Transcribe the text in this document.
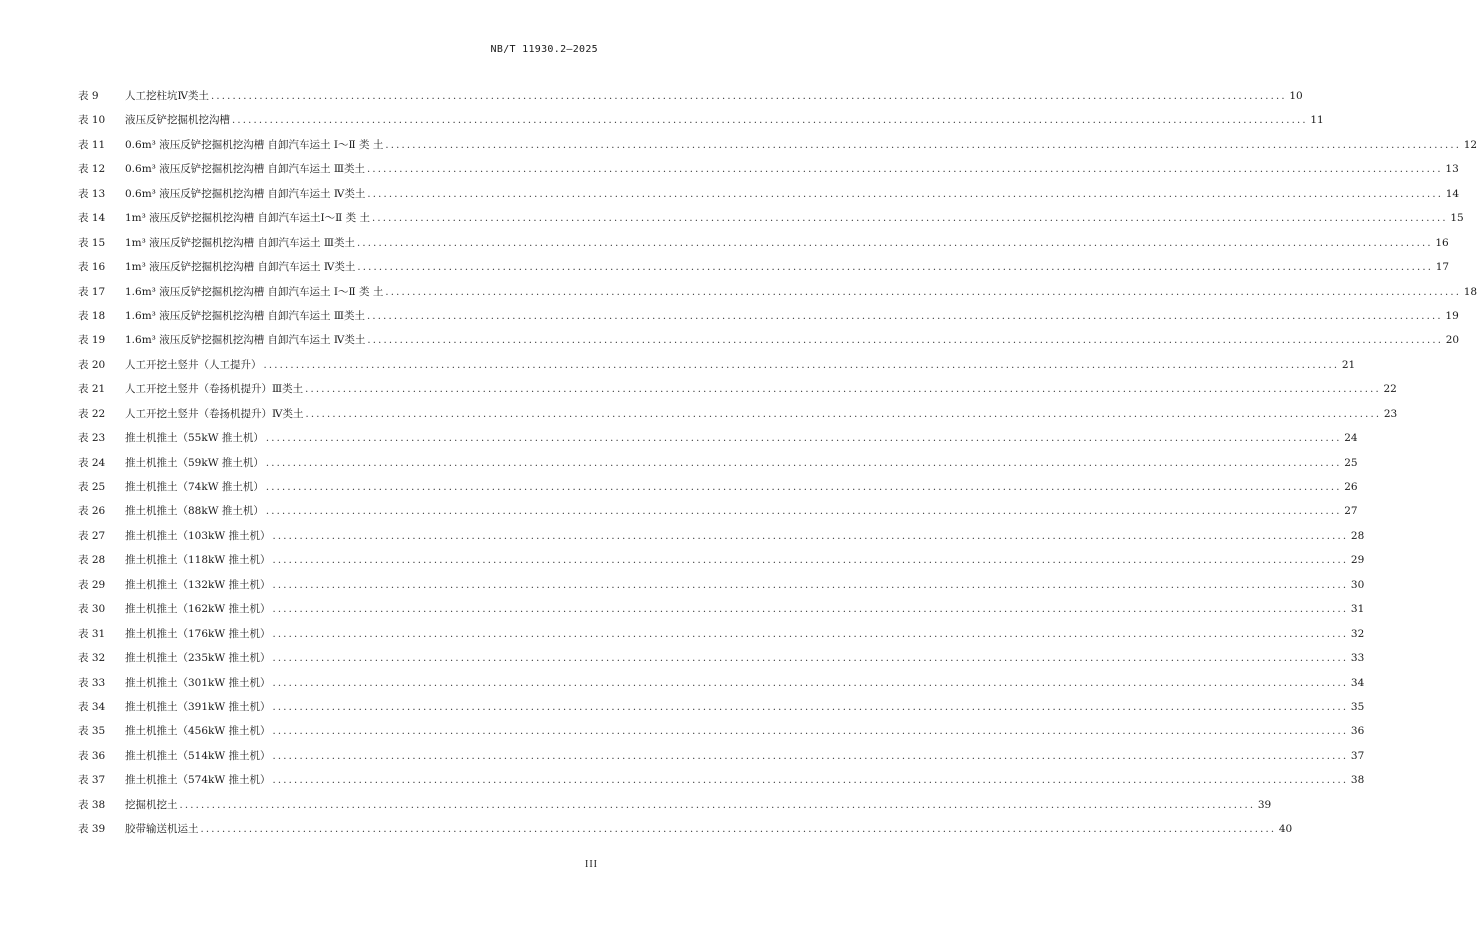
NB/T 11930.2—2025
表 9	人工挖柱坑Ⅳ类土 ........................................................................................................................................................................................................ 10
表 10	液压反铲挖掘机挖沟槽 ........................................................................................................................................................................................................ 11
表 11	0.6m³ 液压反铲挖掘机挖沟槽 自卸汽车运土 Ⅰ～Ⅱ 类 土 ........................................................................................................................................................................................................ 12
表 12	0.6m³ 液压反铲挖掘机挖沟槽 自卸汽车运土 Ⅲ类土 ........................................................................................................................................................................................................ 13
表 13	0.6m³ 液压反铲挖掘机挖沟槽 自卸汽车运土 Ⅳ类土 ........................................................................................................................................................................................................ 14
表 14	1m³ 液压反铲挖掘机挖沟槽 自卸汽车运土Ⅰ～Ⅱ 类 土 ........................................................................................................................................................................................................ 15
表 15	1m³ 液压反铲挖掘机挖沟槽 自卸汽车运土 Ⅲ类土 ........................................................................................................................................................................................................ 16
表 16	1m³ 液压反铲挖掘机挖沟槽 自卸汽车运土 Ⅳ类土 ........................................................................................................................................................................................................ 17
表 17	1.6m³ 液压反铲挖掘机挖沟槽 自卸汽车运土 Ⅰ～Ⅱ 类 土 ........................................................................................................................................................................................................ 18
表 18	1.6m³ 液压反铲挖掘机挖沟槽 自卸汽车运土 Ⅲ类土 ........................................................................................................................................................................................................ 19
表 19	1.6m³ 液压反铲挖掘机挖沟槽 自卸汽车运土 Ⅳ类土 ........................................................................................................................................................................................................ 20
表 20	人工开挖土竖井（人工提升） ........................................................................................................................................................................................................ 21
表 21	人工开挖土竖井（卷扬机提升）Ⅲ类土 ........................................................................................................................................................................................................ 22
表 22	人工开挖土竖井（卷扬机提升）Ⅳ类土 ........................................................................................................................................................................................................ 23
表 23	推土机推土（55kW 推土机） ........................................................................................................................................................................................................ 24
表 24	推土机推土（59kW 推土机） ........................................................................................................................................................................................................ 25
表 25	推土机推土（74kW 推土机） ........................................................................................................................................................................................................ 26
表 26	推土机推土（88kW 推土机） ........................................................................................................................................................................................................ 27
表 27	推土机推土（103kW 推土机） ........................................................................................................................................................................................................ 28
表 28	推土机推土（118kW 推土机） ........................................................................................................................................................................................................ 29
表 29	推土机推土（132kW 推土机） ........................................................................................................................................................................................................ 30
表 30	推土机推土（162kW 推土机） ........................................................................................................................................................................................................ 31
表 31	推土机推土（176kW 推土机） ........................................................................................................................................................................................................ 32
表 32	推土机推土（235kW 推土机） ........................................................................................................................................................................................................ 33
表 33	推土机推土（301kW 推土机） ........................................................................................................................................................................................................ 34
表 34	推土机推土（391kW 推土机） ........................................................................................................................................................................................................ 35
表 35	推土机推土（456kW 推土机） ........................................................................................................................................................................................................ 36
表 36	推土机推土（514kW 推土机） ........................................................................................................................................................................................................ 37
表 37	推土机推土（574kW 推土机） ........................................................................................................................................................................................................ 38
表 38	挖掘机挖土 ........................................................................................................................................................................................................ 39
表 39	胶带输送机运土 ........................................................................................................................................................................................................ 40
III
